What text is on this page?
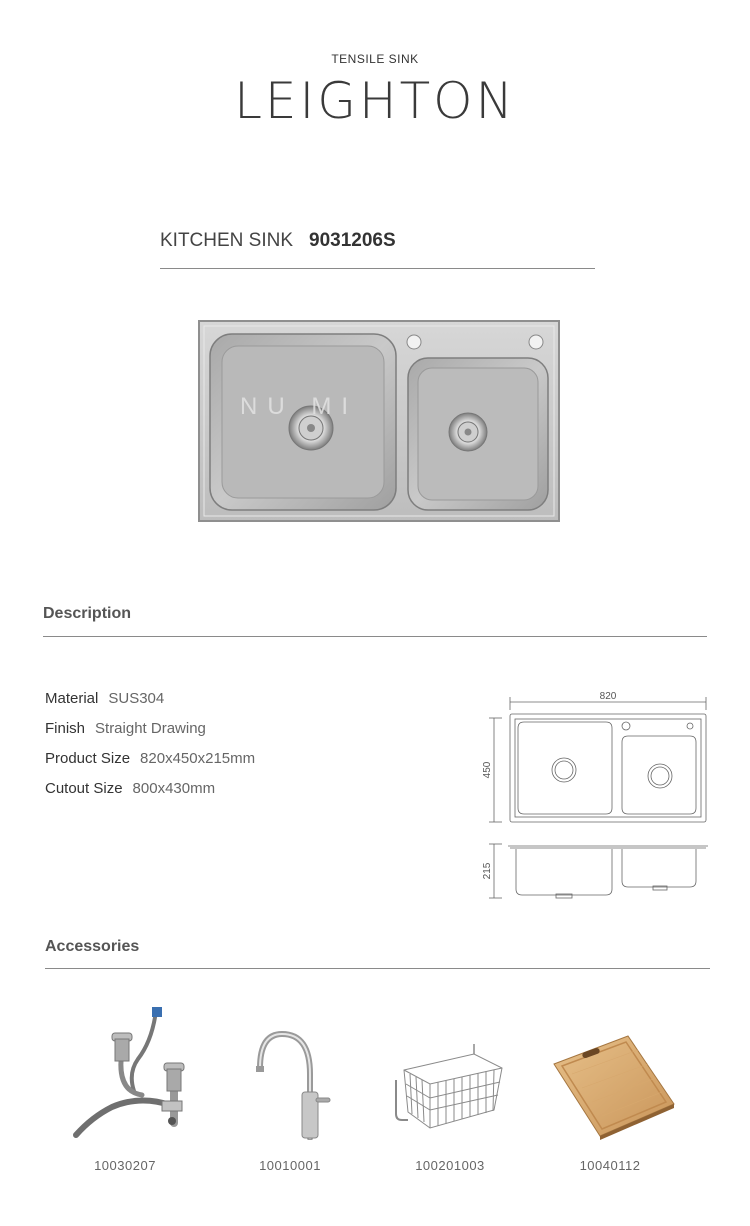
TENSILE SINK
LEIGHTON
KITCHEN SINK 9031206S
NU MI
Description
Material SUS304
Finish Straight Drawing
Product Size 820x450x215mm
Cutout Size 800x430mm
820
450
215
Accessories
10030207	10010001	100201003	10040112
